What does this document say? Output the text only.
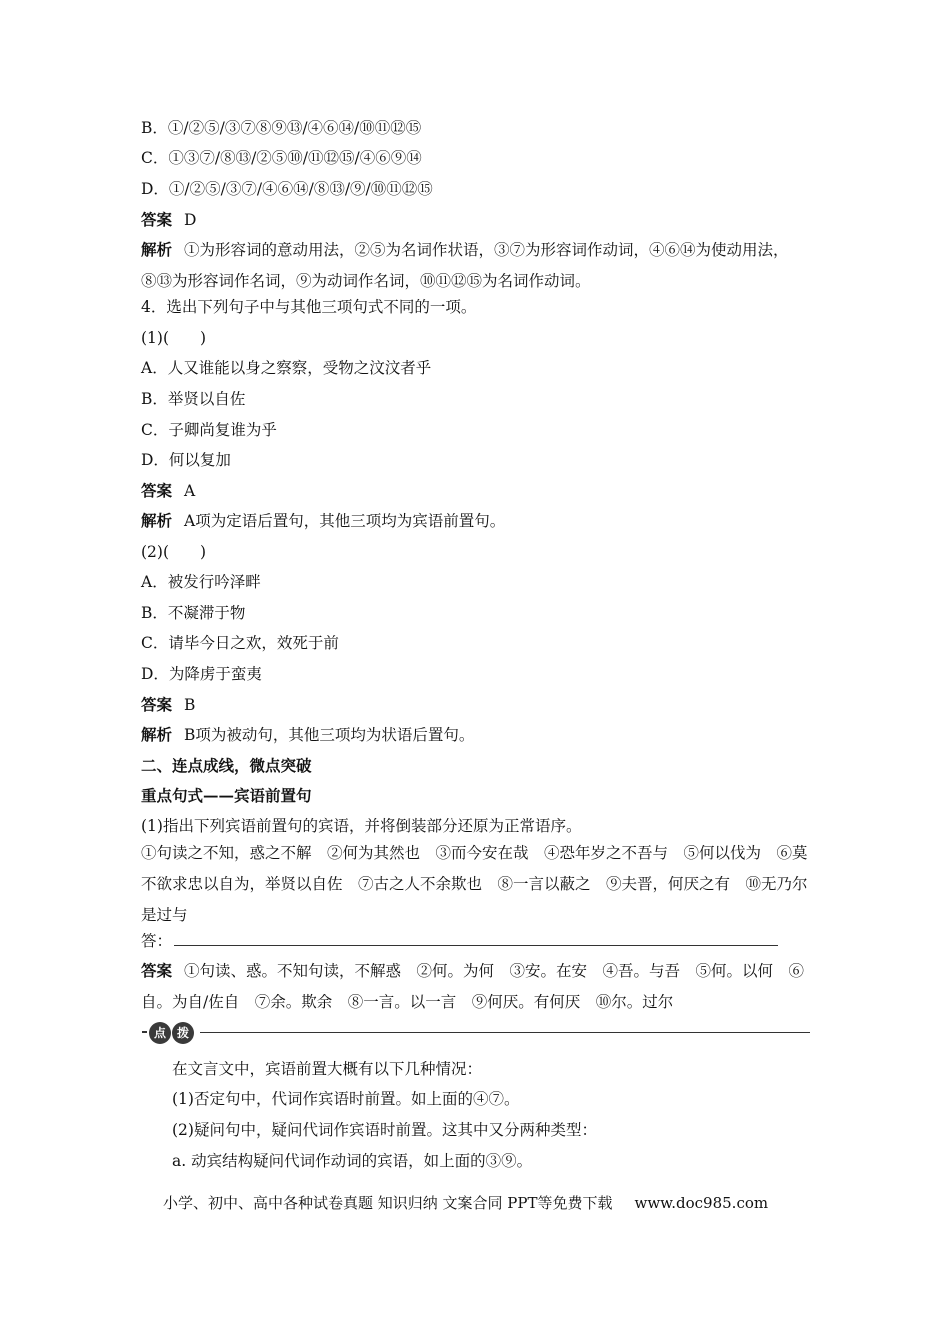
B．①/②⑤/③⑦⑧⑨⑬/④⑥⑭/⑩⑪⑫⑮
C．①③⑦/⑧⑬/②⑤⑩/⑪⑫⑮/④⑥⑨⑭
D．①/②⑤/③⑦/④⑥⑭/⑧⑬/⑨/⑩⑪⑫⑮
答案 D
解析 ①为形容词的意动用法，②⑤为名词作状语，③⑦为形容词作动词，④⑥⑭为使动用法，⑧⑬为形容词作名词，⑨为动词作名词，⑩⑪⑫⑮为名词作动词。
4．选出下列句子中与其他三项句式不同的一项。
(1)(　　)
A．人又谁能以身之察察，受物之汶汶者乎
B．举贤以自佐
C．子卿尚复谁为乎
D．何以复加
答案 A
解析 A项为定语后置句，其他三项均为宾语前置句。
(2)(　　)
A．被发行吟泽畔
B．不凝滞于物
C．请毕今日之欢，效死于前
D．为降虏于蛮夷
答案 B
解析 B项为被动句，其他三项均为状语后置句。
二、连点成线，微点突破
重点句式——宾语前置句
(1)指出下列宾语前置句的宾语，并将倒装部分还原为正常语序。
①句读之不知，惑之不解　②何为其然也　③而今安在哉　④恐年岁之不吾与　⑤何以伐为　⑥莫不欲求忠以自为，举贤以自佐　⑦古之人不余欺也　⑧一言以蔽之　⑨夫晋，何厌之有　⑩无乃尔是过与
答：
答案 ①句读、惑。不知句读，不解惑　②何。为何　③安。在安　④吾。与吾　⑤何。以何　⑥自。为自/佐自　⑦余。欺余　⑧一言。以一言　⑨何厌。有何厌　⑩尔。过尔
点 拨
在文言文中，宾语前置大概有以下几种情况：
(1)否定句中，代词作宾语时前置。如上面的④⑦。
(2)疑问句中，疑问代词作宾语时前置。这其中又分两种类型：
a. 动宾结构疑问代词作动词的宾语，如上面的③⑨。
小学、初中、高中各种试卷真题 知识归纳 文案合同 PPT等免费下载 www.doc985.com
